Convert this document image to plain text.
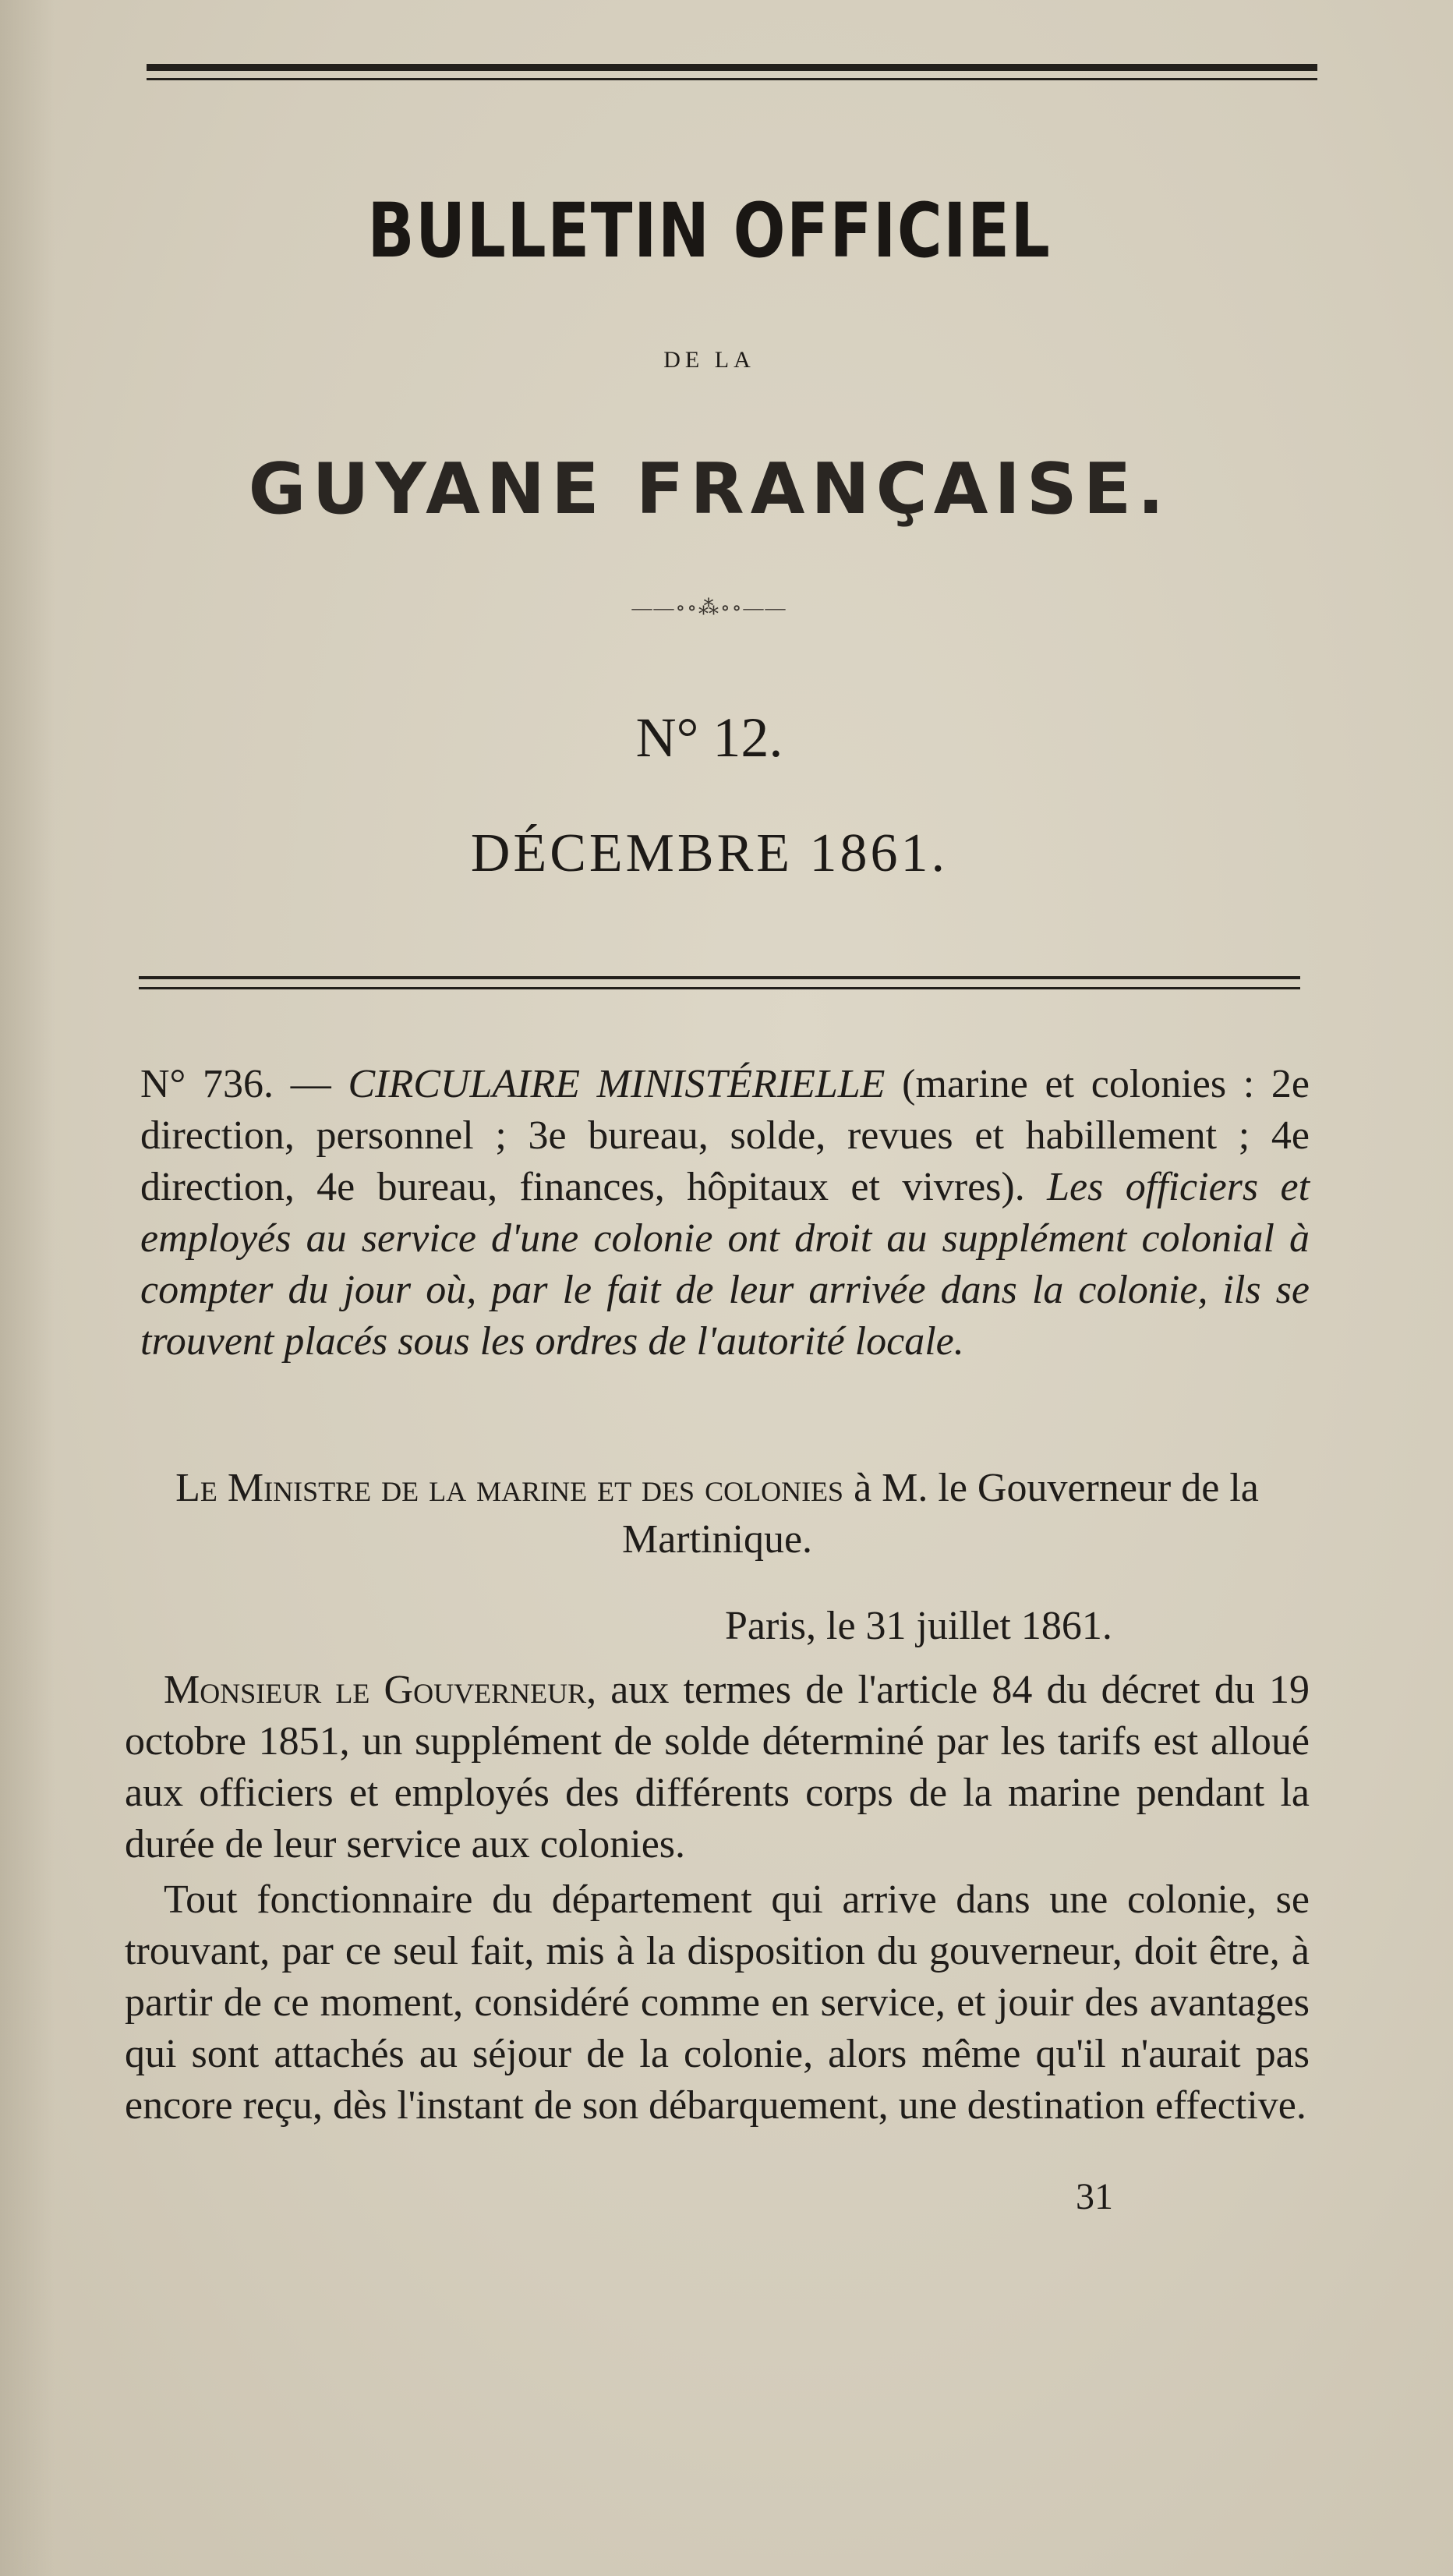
BULLETIN OFFICIEL
DE LA
GUYANE FRANÇAISE.
——∘∘⁂∘∘——
N° 12.
DÉCEMBRE 1861.
N° 736. — CIRCULAIRE MINISTÉRIELLE (marine et colonies : 2e direction, personnel ; 3e bureau, solde, revues et habillement ; 4e direction, 4e bureau, finances, hôpitaux et vivres). Les officiers et employés au service d'une colonie ont droit au supplément colonial à compter du jour où, par le fait de leur arrivée dans la colonie, ils se trouvent placés sous les ordres de l'autorité locale.
Le Ministre de la marine et des colonies à M. le Gouverneur de la Martinique.
Paris, le 31 juillet 1861.
Monsieur le Gouverneur, aux termes de l'article 84 du décret du 19 octobre 1851, un supplément de solde déterminé par les tarifs est alloué aux officiers et employés des différents corps de la marine pendant la durée de leur service aux colonies.
Tout fonctionnaire du département qui arrive dans une colonie, se trouvant, par ce seul fait, mis à la disposition du gouverneur, doit être, à partir de ce moment, considéré comme en service, et jouir des avantages qui sont attachés au séjour de la colonie, alors même qu'il n'aurait pas encore reçu, dès l'instant de son débarquement, une destination effective.
31
